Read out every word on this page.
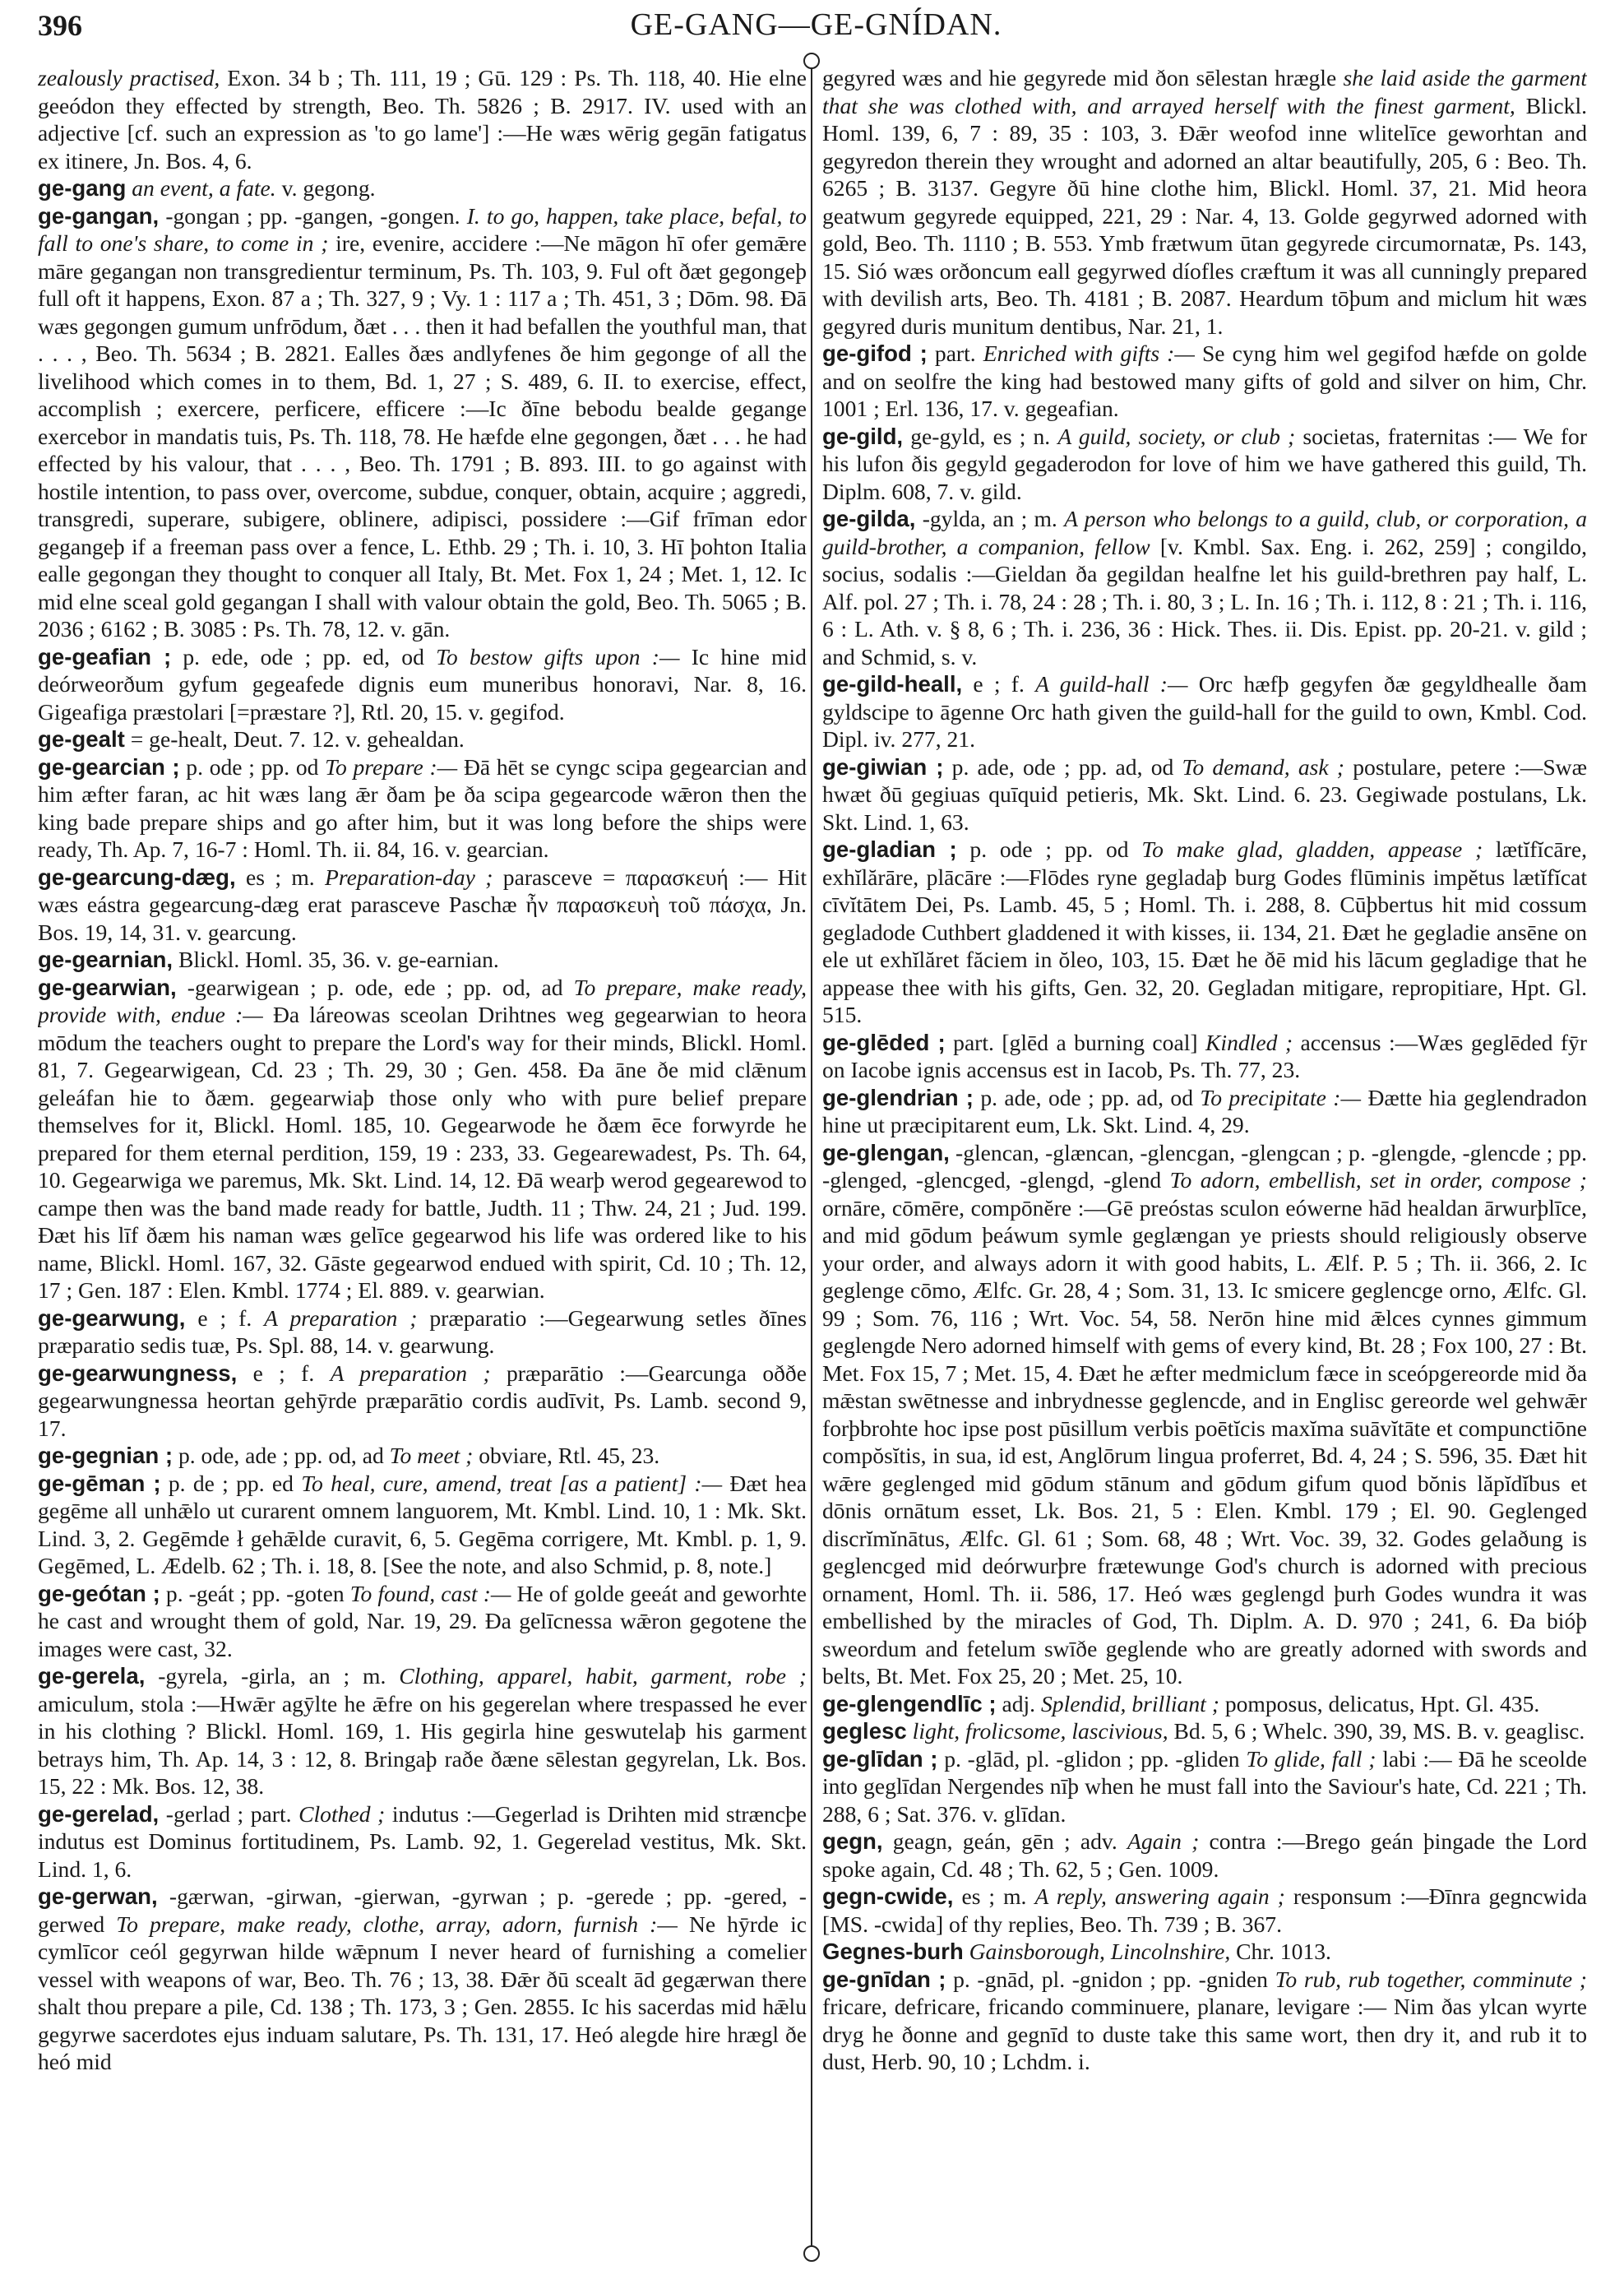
396	GE-GANG—GE-GNÍDAN.

zealously practised, Exon. 34 b ; Th. 111, 19 ; Gū. 129 : Ps. Th. 118, 40. Hie elne geeódon they effected by strength, Beo. Th. 5826 ; B. 2917. IV. used with an adjective [cf. such an expression as 'to go lame'] :—He wæs wērig gegān fatigatus ex itinere, Jn. Bos. 4, 6.

ge-gang an event, a fate. v. gegong.

ge-gangan, -gongan ; pp. -gangen, -gongen. I. to go, happen, take place, befal, to fall to one's share, to come in ; ire, evenire, accidere :—Ne māgon hī ofer gemǣre māre gegangan non transgredientur terminum, Ps. Th. 103, 9. Ful oft ðæt gegongeþ full oft it happens, Exon. 87 a ; Th. 327, 9 ; Vy. 1 : 117 a ; Th. 451, 3 ; Dōm. 98. Ðā wæs gegongen gumum unfrōdum, ðæt . . . then it had befallen the youthful man, that . . . , Beo. Th. 5634 ; B. 2821. Ealles ðæs andlyfenes ðe him gegonge of all the livelihood which comes in to them, Bd. 1, 27 ; S. 489, 6. II. to exercise, effect, accomplish ; exercere, perficere, efficere :—Ic ðīne bebodu bealde gegange exercebor in mandatis tuis, Ps. Th. 118, 78. He hæfde elne gegongen, ðæt . . . he had effected by his valour, that . . . , Beo. Th. 1791 ; B. 893. III. to go against with hostile intention, to pass over, overcome, subdue, conquer, obtain, acquire ; aggredi, transgredi, superare, subigere, oblinere, adipisci, possidere :—Gif frīman edor gegangeþ if a freeman pass over a fence, L. Ethb. 29 ; Th. i. 10, 3. Hī þohton Italia ealle gegongan they thought to conquer all Italy, Bt. Met. Fox 1, 24 ; Met. 1, 12. Ic mid elne sceal gold gegangan I shall with valour obtain the gold, Beo. Th. 5065 ; B. 2036 ; 6162 ; B. 3085 : Ps. Th. 78, 12. v. gān.

ge-geafian ; p. ede, ode ; pp. ed, od To bestow gifts upon :— Ic hine mid deórweorðum gyfum gegeafede dignis eum muneribus honoravi, Nar. 8, 16. Gigeafiga præstolari [=præstare ?], Rtl. 20, 15. v. gegifod.

ge-gealt = ge-healt, Deut. 7. 12. v. gehealdan.

ge-gearcian ; p. ode ; pp. od To prepare :— Ðā hēt se cyngc scipa gegearcian and him æfter faran, ac hit wæs lang ǣr ðam þe ða scipa gegearcode wǣron then the king bade prepare ships and go after him, but it was long before the ships were ready, Th. Ap. 7, 16-7 : Homl. Th. ii. 84, 16. v. gearcian.

ge-gearcung-dæg, es ; m. Preparation-day ; parasceve = παρασκευή :— Hit wæs eástra gegearcung-dæg erat parasceve Paschæ ἦν παρασκευὴ τοῦ πάσχα, Jn. Bos. 19, 14, 31. v. gearcung.

ge-gearnian, Blickl. Homl. 35, 36. v. ge-earnian.

ge-gearwian, -gearwigean ; p. ode, ede ; pp. od, ad To prepare, make ready, provide with, endue :— Ða láreowas sceolan Drihtnes weg gegearwian to heora mōdum the teachers ought to prepare the Lord's way for their minds, Blickl. Homl. 81, 7. Gegearwigean, Cd. 23 ; Th. 29, 30 ; Gen. 458. Ða āne ðe mid clǣnum geleáfan hie to ðæm. gegearwiaþ those only who with pure belief prepare themselves for it, Blickl. Homl. 185, 10. Gegearwode he ðæm ēce forwyrde he prepared for them eternal perdition, 159, 19 : 233, 33. Gegearewadest, Ps. Th. 64, 10. Gegearwiga we paremus, Mk. Skt. Lind. 14, 12. Ðā wearþ werod gegearewod to campe then was the band made ready for battle, Judth. 11 ; Thw. 24, 21 ; Jud. 199. Ðæt his līf ðæm his naman wæs gelīce gegearwod his life was ordered like to his name, Blickl. Homl. 167, 32. Gāste gegearwod endued with spirit, Cd. 10 ; Th. 12, 17 ; Gen. 187 : Elen. Kmbl. 1774 ; El. 889. v. gearwian.

ge-gearwung, e ; f. A preparation ; præparatio :—Gegearwung setles ðīnes præparatio sedis tuæ, Ps. Spl. 88, 14. v. gearwung.

ge-gearwungness, e ; f. A preparation ; præparātio :—Gearcunga oððe gegearwungnessa heortan gehȳrde præparātio cordis audīvit, Ps. Lamb. second 9, 17.

ge-gegnian ; p. ode, ade ; pp. od, ad To meet ; obviare, Rtl. 45, 23.

ge-gēman ; p. de ; pp. ed To heal, cure, amend, treat [as a patient] :— Ðæt hea gegēme all unhǣlo ut curarent omnem languorem, Mt. Kmbl. Lind. 10, 1 : Mk. Skt. Lind. 3, 2. Gegēmde ł gehǣlde curavit, 6, 5. Gegēma corrigere, Mt. Kmbl. p. 1, 9. Gegēmed, L. Ædelb. 62 ; Th. i. 18, 8. [See the note, and also Schmid, p. 8, note.]

ge-geótan ; p. -geát ; pp. -goten To found, cast :— He of golde geeát and geworhte he cast and wrought them of gold, Nar. 19, 29. Ða gelīcnessa wǣron gegotene the images were cast, 32.

ge-gerela, -gyrela, -girla, an ; m. Clothing, apparel, habit, garment, robe ; amiculum, stola :—Hwǣr agȳlte he ǣfre on his gegerelan where trespassed he ever in his clothing ? Blickl. Homl. 169, 1. His gegirla hine geswutelaþ his garment betrays him, Th. Ap. 14, 3 : 12, 8. Bringaþ raðe ðæne sēlestan gegyrelan, Lk. Bos. 15, 22 : Mk. Bos. 12, 38.

ge-gerelad, -gerlad ; part. Clothed ; indutus :—Gegerlad is Drihten mid stræncþe indutus est Dominus fortitudinem, Ps. Lamb. 92, 1. Gegerelad vestitus, Mk. Skt. Lind. 1, 6.

ge-gerwan, -gærwan, -girwan, -gierwan, -gyrwan ; p. -gerede ; pp. -gered, -gerwed To prepare, make ready, clothe, array, adorn, furnish :— Ne hȳrde ic cymlīcor ceól gegyrwan hilde wǣpnum I never heard of furnishing a comelier vessel with weapons of war, Beo. Th. 76 ; 13, 38. Ðǣr ðū scealt ād gegærwan there shalt thou prepare a pile, Cd. 138 ; Th. 173, 3 ; Gen. 2855. Ic his sacerdas mid hǣlu gegyrwe sacerdotes ejus induam salutare, Ps. Th. 131, 17. Heó alegde hire hrægl ðe heó mid

gegyred wæs and hie gegyrede mid ðon sēlestan hrægle she laid aside the garment that she was clothed with, and arrayed herself with the finest garment, Blickl. Homl. 139, 6, 7 : 89, 35 : 103, 3. Ðǣr weofod inne wlitelīce geworhtan and gegyredon therein they wrought and adorned an altar beautifully, 205, 6 : Beo. Th. 6265 ; B. 3137. Gegyre ðū hine clothe him, Blickl. Homl. 37, 21. Mid heora geatwum gegyrede equipped, 221, 29 : Nar. 4, 13. Golde gegyrwed adorned with gold, Beo. Th. 1110 ; B. 553. Ymb frætwum ūtan gegyrede circumornatæ, Ps. 143, 15. Sió wæs orðoncum eall gegyrwed díofles cræftum it was all cunningly prepared with devilish arts, Beo. Th. 4181 ; B. 2087. Heardum tōþum and miclum hit wæs gegyred duris munitum dentibus, Nar. 21, 1.

ge-gifod ; part. Enriched with gifts :— Se cyng him wel gegifod hæfde on golde and on seolfre the king had bestowed many gifts of gold and silver on him, Chr. 1001 ; Erl. 136, 17. v. gegeafian.

ge-gild, ge-gyld, es ; n. A guild, society, or club ; societas, fraternitas :— We for his lufon ðis gegyld gegaderodon for love of him we have gathered this guild, Th. Diplm. 608, 7. v. gild.

ge-gilda, -gylda, an ; m. A person who belongs to a guild, club, or corporation, a guild-brother, a companion, fellow [v. Kmbl. Sax. Eng. i. 262, 259] ; congildo, socius, sodalis :—Gieldan ða gegildan healfne let his guild-brethren pay half, L. Alf. pol. 27 ; Th. i. 78, 24 : 28 ; Th. i. 80, 3 ; L. In. 16 ; Th. i. 112, 8 : 21 ; Th. i. 116, 6 : L. Ath. v. § 8, 6 ; Th. i. 236, 36 : Hick. Thes. ii. Dis. Epist. pp. 20-21. v. gild ; and Schmid, s. v.

ge-gild-heall, e ; f. A guild-hall :— Orc hæfþ gegyfen ðæ gegyldhealle ðam gyldscipe to āgenne Orc hath given the guild-hall for the guild to own, Kmbl. Cod. Dipl. iv. 277, 21.

ge-giwian ; p. ade, ode ; pp. ad, od To demand, ask ; postulare, petere :—Swæ hwæt ðū gegiuas quīquid petieris, Mk. Skt. Lind. 6. 23. Gegiwade postulans, Lk. Skt. Lind. 1, 63.

ge-gladian ; p. ode ; pp. od To make glad, gladden, appease ; lætĭfĭcāre, exhĭlărāre, plācāre :—Flōdes ryne gegladaþ burg Godes flūminis impĕtus lætĭfĭcat cīvĭtātem Dei, Ps. Lamb. 45, 5 ; Homl. Th. i. 288, 8. Cūþbertus hit mid cossum gegladode Cuthbert gladdened it with kisses, ii. 134, 21. Ðæt he gegladie ansēne on ele ut exhĭlăret făciem in ŏleo, 103, 15. Ðæt he ðē mid his lācum gegladige that he appease thee with his gifts, Gen. 32, 20. Gegladan mitigare, repropitiare, Hpt. Gl. 515.

ge-glēded ; part. [glēd a burning coal] Kindled ; accensus :—Wæs geglēded fȳr on Iacobe ignis accensus est in Iacob, Ps. Th. 77, 23.

ge-glendrian ; p. ade, ode ; pp. ad, od To precipitate :— Ðætte hia geglendradon hine ut præcipitarent eum, Lk. Skt. Lind. 4, 29.

ge-glengan, -glencan, -glæncan, -glencgan, -glengcan ; p. -glengde, -glencde ; pp. -glenged, -glencged, -glengd, -glend To adorn, embellish, set in order, compose ; ornāre, cōmēre, compōnĕre :—Gē preóstas sculon eówerne hād healdan ārwurþlīce, and mid gōdum þeáwum symle geglængan ye priests should religiously observe your order, and always adorn it with good habits, L. Ælf. P. 5 ; Th. ii. 366, 2. Ic geglenge cōmo, Ælfc. Gr. 28, 4 ; Som. 31, 13. Ic smicere geglencge orno, Ælfc. Gl. 99 ; Som. 76, 116 ; Wrt. Voc. 54, 58. Nerōn hine mid ǣlces cynnes gimmum geglengde Nero adorned himself with gems of every kind, Bt. 28 ; Fox 100, 27 : Bt. Met. Fox 15, 7 ; Met. 15, 4. Ðæt he æfter medmiclum fæce in sceópgereorde mid ða mǣstan swētnesse and inbrydnesse geglencde, and in Englisc gereorde wel gehwǣr forþbrohte hoc ipse post pūsillum verbis poētĭcis maxĭma suāvĭtāte et compunctiōne compŏsĭtis, in sua, id est, Anglōrum lingua proferret, Bd. 4, 24 ; S. 596, 35. Ðæt hit wǣre geglenged mid gōdum stānum and gōdum gifum quod bŏnis lăpĭdĭbus et dōnis ornātum esset, Lk. Bos. 21, 5 : Elen. Kmbl. 179 ; El. 90. Geglenged discrĭmĭnātus, Ælfc. Gl. 61 ; Som. 68, 48 ; Wrt. Voc. 39, 32. Godes gelaðung is geglencged mid deórwurþre frætewunge God's church is adorned with precious ornament, Homl. Th. ii. 586, 17. Heó wæs geglengd þurh Godes wundra it was embellished by the miracles of God, Th. Diplm. A. D. 970 ; 241, 6. Ða bióþ sweordum and fetelum swīðe geglende who are greatly adorned with swords and belts, Bt. Met. Fox 25, 20 ; Met. 25, 10.

ge-glengendlīc ; adj. Splendid, brilliant ; pomposus, delicatus, Hpt. Gl. 435.

geglesc light, frolicsome, lascivious, Bd. 5, 6 ; Whelc. 390, 39, MS. B. v. geaglisc.

ge-glīdan ; p. -glād, pl. -glidon ; pp. -gliden To glide, fall ; labi :— Ðā he sceolde into geglīdan Nergendes nīþ when he must fall into the Saviour's hate, Cd. 221 ; Th. 288, 6 ; Sat. 376. v. glīdan.

gegn, geagn, geán, gēn ; adv. Again ; contra :—Brego geán þingade the Lord spoke again, Cd. 48 ; Th. 62, 5 ; Gen. 1009.

gegn-cwide, es ; m. A reply, answering again ; responsum :—Ðīnra gegncwida [MS. -cwida] of thy replies, Beo. Th. 739 ; B. 367.

Gegnes-burh Gainsborough, Lincolnshire, Chr. 1013.

ge-gnīdan ; p. -gnād, pl. -gnidon ; pp. -gniden To rub, rub together, comminute ; fricare, defricare, fricando comminuere, planare, levigare :— Nim ðas ylcan wyrte dryg he ðonne and gegnīd to duste take this same wort, then dry it, and rub it to dust, Herb. 90, 10 ; Lchdm. i.
